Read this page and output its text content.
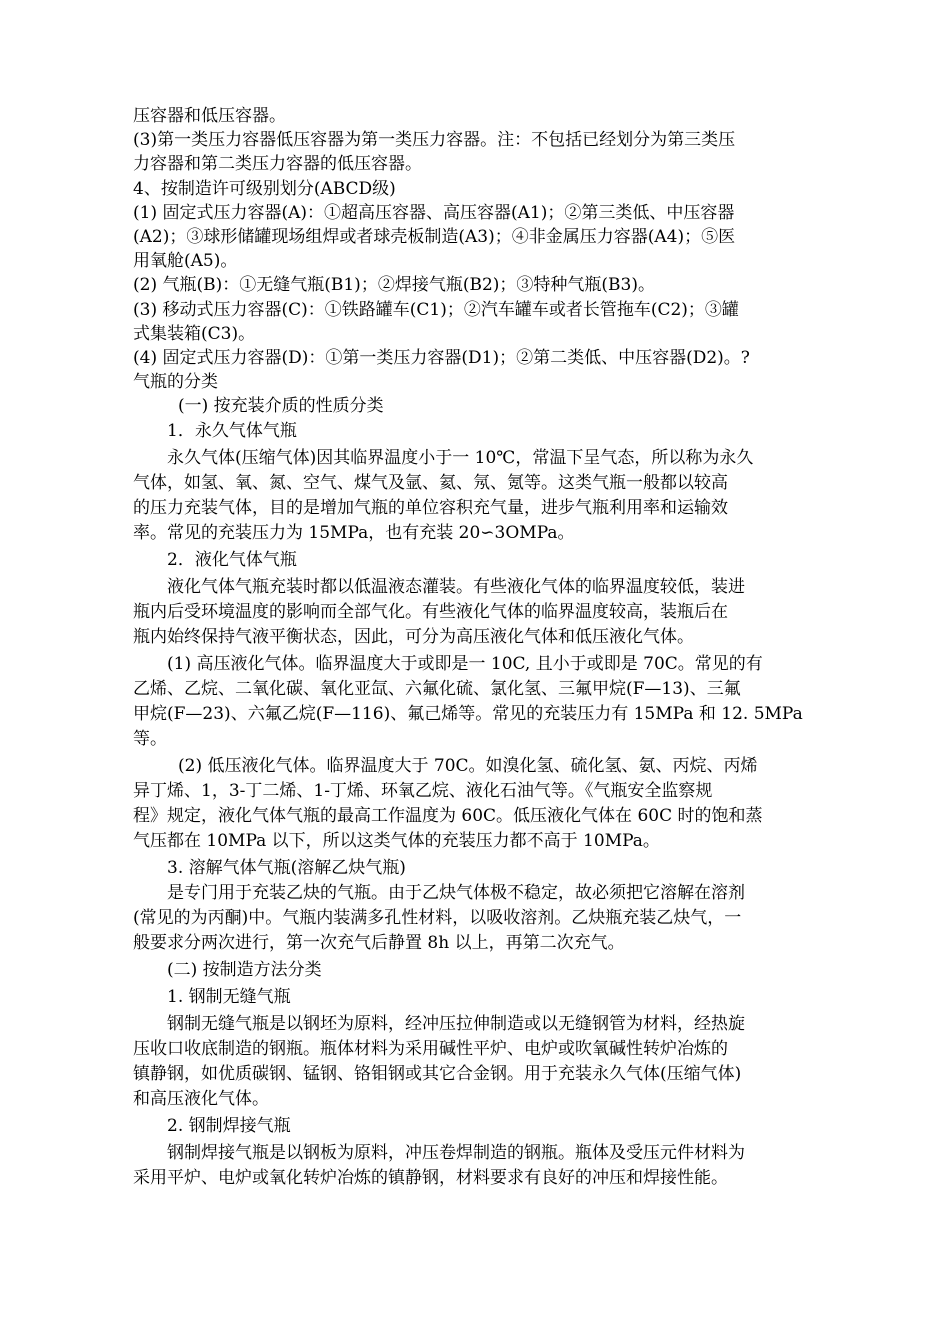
压容器和低压容器。
(3)第一类压力容器低压容器为第一类压力容器。注：不包括已经划分为第三类压
力容器和第二类压力容器的低压容器。
4、按制造许可级别划分(ABCD级)
(1) 固定式压力容器(A)：①超高压容器、高压容器(A1)；②第三类低、中压容器
(A2)；③球形储罐现场组焊或者球壳板制造(A3)；④非金属压力容器(A4)；⑤医
用氧舱(A5)。
(2) 气瓶(B)：①无缝气瓶(B1)；②焊接气瓶(B2)；③特种气瓶(B3)。
(3) 移动式压力容器(C)：①铁路罐车(C1)；②汽车罐车或者长管拖车(C2)；③罐
式集装箱(C3)。
(4) 固定式压力容器(D)：①第一类压力容器(D1)；②第二类低、中压容器(D2)。?
气瓶的分类
(一) 按充装介质的性质分类
1．永久气体气瓶
永久气体(压缩气体)因其临界温度小于一 10℃，常温下呈气态，所以称为永久
气体，如氢、氧、氮、空气、煤气及氩、氦、氖、氪等。这类气瓶一般都以较高
的压力充装气体，目的是增加气瓶的单位容积充气量，进步气瓶利用率和运输效
率。常见的充装压力为 15MPa，也有充装 20∽3OMPa。
2．液化气体气瓶
液化气体气瓶充装时都以低温液态灌装。有些液化气体的临界温度较低，装进
瓶内后受环境温度的影响而全部气化。有些液化气体的临界温度较高，装瓶后在
瓶内始终保持气液平衡状态，因此，可分为高压液化气体和低压液化气体。
(1) 高压液化气体。临界温度大于或即是一 10C, 且小于或即是 70C。常见的有
乙烯、乙烷、二氧化碳、氧化亚氙、六氟化硫、氯化氢、三氟甲烷(F—13)、三氟
甲烷(F—23)、六氟乙烷(F—116)、氟己烯等。常见的充装压力有 15MPa 和 12. 5MPa
等。
(2) 低压液化气体。临界温度大于 70C。如溴化氢、硫化氢、氨、丙烷、丙烯
异丁烯、1，3-丁二烯、1-丁烯、环氧乙烷、液化石油气等。《气瓶安全监察规
程》规定，液化气体气瓶的最高工作温度为 60C。低压液化气体在 60C 时的饱和蒸
气压都在 10MPa 以下，所以这类气体的充装压力都不高于 10MPa。
3. 溶解气体气瓶(溶解乙炔气瓶)
是专门用于充装乙炔的气瓶。由于乙炔气体极不稳定，故必须把它溶解在溶剂
(常见的为丙酮)中。气瓶内装满多孔性材料，以吸收溶剂。乙炔瓶充装乙炔气，一
般要求分两次进行，第一次充气后静置 8h 以上，再第二次充气。
(二) 按制造方法分类
1. 钢制无缝气瓶
钢制无缝气瓶是以钢坯为原料，经冲压拉伸制造或以无缝钢管为材料，经热旋
压收口收底制造的钢瓶。瓶体材料为采用碱性平炉、电炉或吹氧碱性转炉冶炼的
镇静钢，如优质碳钢、锰钢、铬钼钢或其它合金钢。用于充装永久气体(压缩气体)
和高压液化气体。
2. 钢制焊接气瓶
钢制焊接气瓶是以钢板为原料，冲压卷焊制造的钢瓶。瓶体及受压元件材料为
采用平炉、电炉或氧化转炉冶炼的镇静钢，材料要求有良好的冲压和焊接性能。
